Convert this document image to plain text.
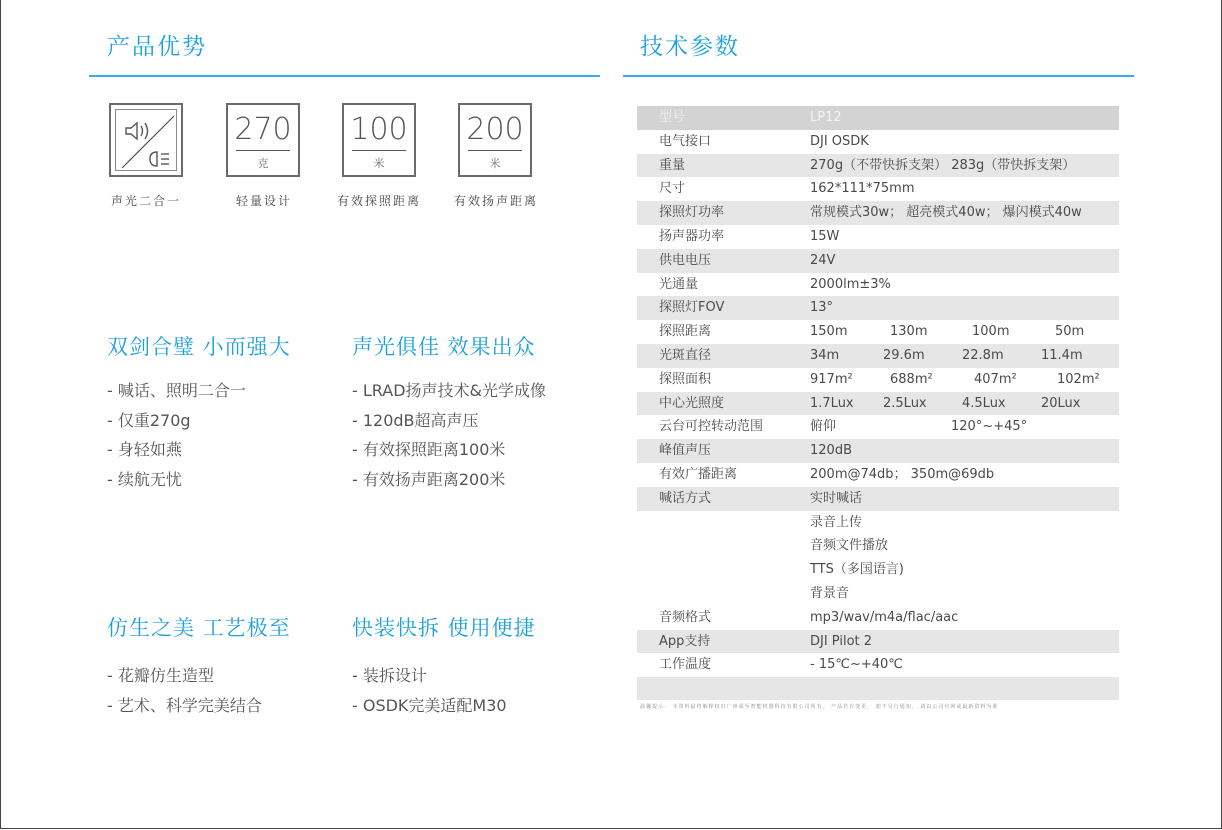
产品优势
声光二合一
270
克
轻量设计
100
米
有效探照距离
200
米
有效扬声距离
双剑合璧 小而强大
- 喊话、照明二合一
- 仅重270g
- 身轻如燕
- 续航无忧
声光俱佳 效果出众
- LRAD扬声技术&光学成像
- 120dB超高声压
- 有效探照距离100米
- 有效扬声距离200米
仿生之美 工艺极至
- 花瓣仿生造型
- 艺术、科学完美结合
快装快拆 使用便捷
- 装拆设计
- OSDK完美适配M30
技术参数
型号	LP12
电气接口	DJI OSDK
重量	270g（不带快拆支架） 283g（带快拆支架）
尺寸	162*111*75mm
探照灯功率	常规模式30w； 超亮模式40w； 爆闪模式40w
扬声器功率	15W
供电电压	24V
光通量	2000lm±3%
探照灯FOV	13°
探照距离	150m	130m	100m	50m
光斑直径	34m	29.6m	22.8m	11.4m
探照面积	917m²	688m²	407m²	102m²
中心光照度	1.7Lux 2.5Lux	4.5Lux	20Lux
云台可控转动范围	俯仰	120°~+45°
峰值声压	120dB
有效广播距离	200m@74db； 350m@69db
喊话方式	实时喊话
录音上传
音频文件播放
TTS（多国语言)
背景音
音频格式	mp3/wav/m4a/flac/aac
App支持	DJI Pilot 2
工作温度	- 15℃~+40℃
温馨提示： 本资料最终解释权归广州成至智能机器科技有限公司所有。 产品若有变更， 恕不另行通知， 请以公司官网或最新资料为准
